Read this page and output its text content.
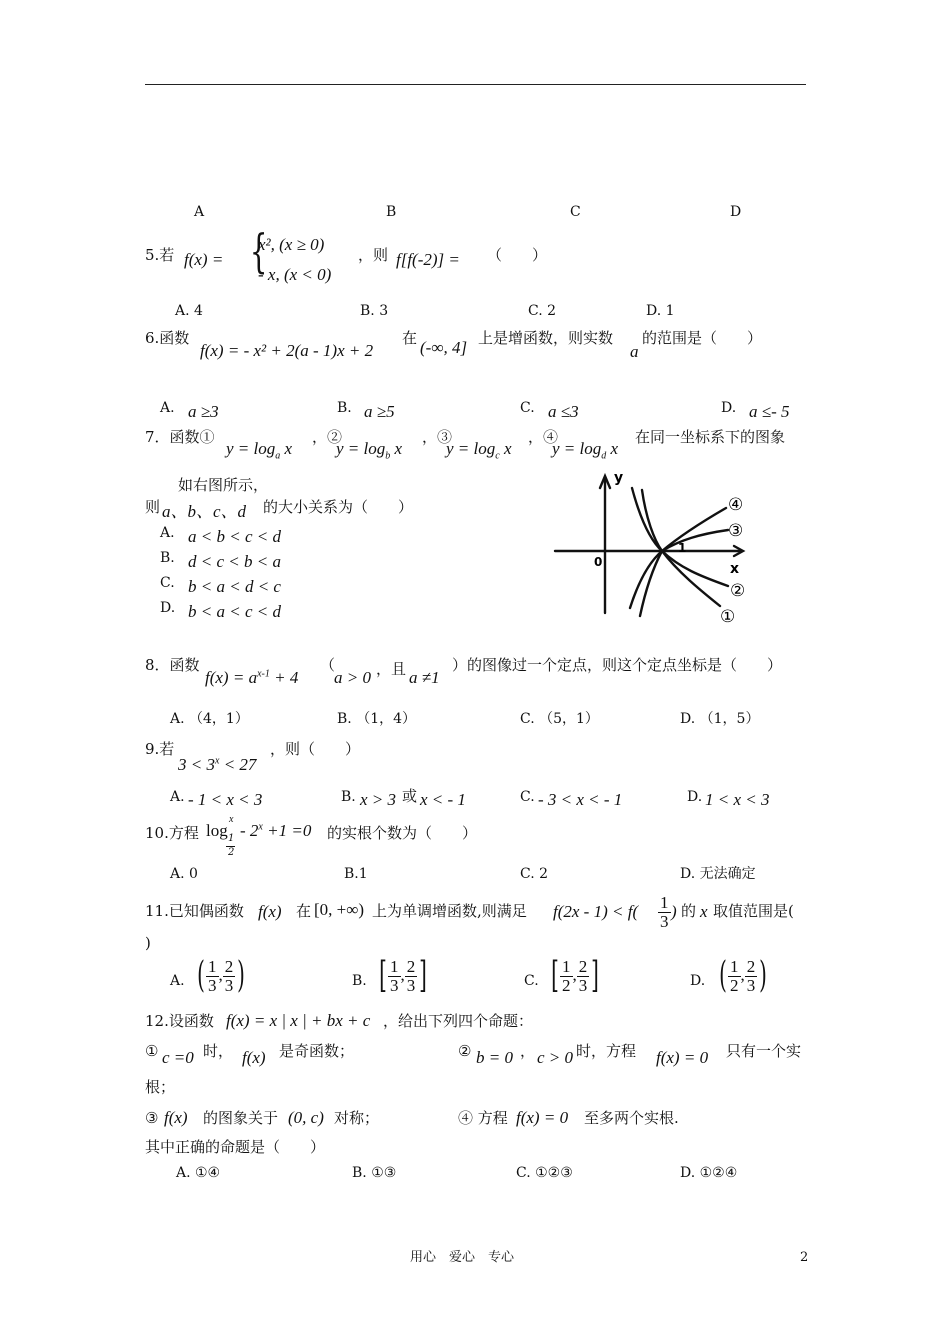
A	B	C	D
5.若 f(x) = {
x², (x ≥ 0)
- x, (x < 0)
，则 f[f(-2)] = （　　）
A. 4	B. 3	C. 2	D. 1
6.函数
f(x) = - x² + 2(a - 1)x + 2
在 (-∞, 4] 上是增函数，则实数
a
的范围是（　　）
A. a ≥3	B. a ≥5	C. a ≤3	D. a ≤- 5
7．函数①
$y = \log_a x$
，②
$y = \log_b x$
，③
$y = \log_c x$
，④
$y = \log_d x$
在同一坐标系下的图象
如右图所示，
则 a、b、c、d 的大小关系为（　　）
A. a < b < c < d
B. d < c < b < a
C. b < a < d < c
D. b < a < c < d
y
x
0
1
④
③
②
①
8．函数
$f(x) = a^{x-1} + 4$
（
a > 0 ，且 a ≠1
）的图像过一个定点，则这个定点坐标是（　　）
A. （4，1）	B. （1，4）	C. （5，1）	D. （1，5）
9.若
$3 < 3^x < 27$
，则（　　）
A. - 1 < x < 3	B. x > 3 或 x < - 1	C. - 3 < x < - 1	D. 1 < x < 3
10.方程 log
x
1
2
- $2^x +1 =0$ 的实根个数为（　　）
A. 0	B.1	C. 2	D. 无法确定
11.已知偶函数 f(x) 在 [0, +∞) 上为单调增函数,则满足 $f(2x - 1) < f( \frac{1}{3}$ ) 的 x 取值范围是(
)
A. ( $\frac{1}{3}$ , $\frac{2}{3}$ )	B. [ $\frac{1}{3}$ , $\frac{2}{3}$ ]	C. [ $\frac{1}{2}$ , $\frac{2}{3}$ ]	D. ( $\frac{1}{2}$ , $\frac{2}{3}$ )
12.设函数 f(x) = x | x | + bx + c ，给出下列四个命题：
① c =0 时， f(x) 是奇函数；	② b = 0 ， c > 0 时，方程 f(x) = 0 只有一个实
根；
③ f(x) 的图象关于 (0, c) 对称；	④ 方程 f(x) = 0 至多两个实根.
其中正确的命题是（　　）
A. ①④	B. ①③	C. ①②③	D. ①②④
用心　爱心　专心	2
